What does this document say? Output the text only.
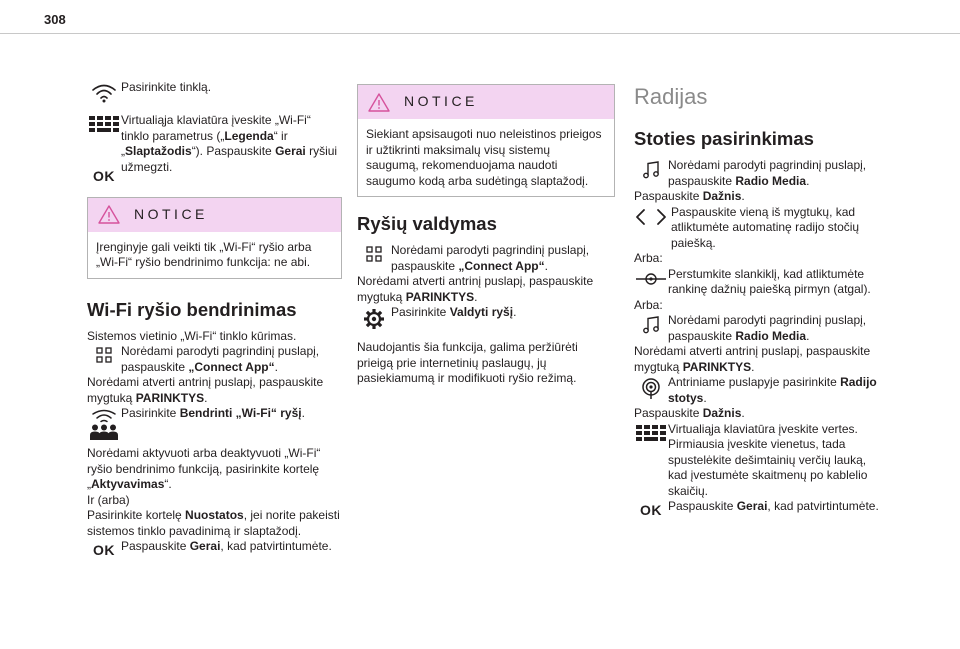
308
Pasirinkite tinklą.
Virtualiąja klaviatūra įveskite „Wi-Fi“ tinklo parametrus („Legenda“ ir „Slaptažodis“). Paspauskite Gerai ryšiui užmegzti.
OK
NOTICE
Įrenginyje gali veikti tik „Wi-Fi“ ryšio arba „Wi-Fi“ ryšio bendrinimo funkcija: ne abi.
Wi-Fi ryšio bendrinimas
Sistemos vietinio „Wi-Fi“ tinklo kūrimas.
Norėdami parodyti pagrindinį puslapį, paspauskite „Connect App“.
Norėdami atverti antrinį puslapį, paspauskite mygtuką PARINKTYS.
Pasirinkite Bendrinti „Wi-Fi“ ryšį.
Norėdami aktyvuoti arba deaktyvuoti „Wi-Fi“ ryšio bendrinimo funkciją, pasirinkite kortelę „Aktyvavimas“.
Ir (arba)
Pasirinkite kortelę Nuostatos, jei norite pakeisti sistemos tinklo pavadinimą ir slaptažodį.
OK Paspauskite Gerai, kad patvirtintumėte.
NOTICE
Siekiant apsisaugoti nuo neleistinos prieigos ir užtikrinti maksimalų visų sistemų saugumą, rekomenduojama naudoti saugumo kodą arba sudėtingą slaptažodį.
Ryšių valdymas
Norėdami parodyti pagrindinį puslapį, paspauskite „Connect App“.
Norėdami atverti antrinį puslapį, paspauskite mygtuką PARINKTYS.
Pasirinkite Valdyti ryšį.
Naudojantis šia funkcija, galima peržiūrėti prieigą prie internetinių paslaugų, jų pasiekiamumą ir modifikuoti ryšio režimą.
Radijas
Stoties pasirinkimas
Norėdami parodyti pagrindinį puslapį, paspauskite Radio Media.
Paspauskite Dažnis.
Paspauskite vieną iš mygtukų, kad atliktumėte automatinę radijo stočių paiešką.
Arba:
Perstumkite slankiklį, kad atliktumėte rankinę dažnių paiešką pirmyn (atgal).
Arba:
Norėdami parodyti pagrindinį puslapį, paspauskite Radio Media.
Norėdami atverti antrinį puslapį, paspauskite mygtuką PARINKTYS.
Antriniame puslapyje pasirinkite Radijo stotys.
Paspauskite Dažnis.
Virtualiąja klaviatūra įveskite vertes. Pirmiausia įveskite vienetus, tada spustelėkite dešimtainių verčių lauką, kad įvestumėte skaitmenų po kablelio skaičių.
OK Paspauskite Gerai, kad patvirtintumėte.
